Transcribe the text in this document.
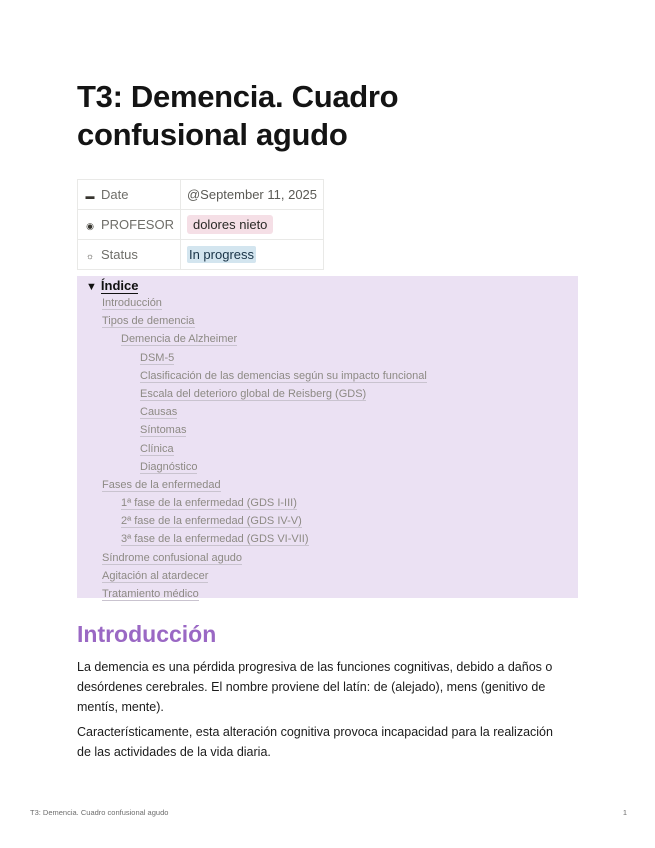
T3: Demencia. Cuadro confusional agudo
▬ Date	@September 11, 2025
◉ PROFESOR	dolores nieto
☼ Status	In progress
▼ Índice
Introducción
Tipos de demencia
Demencia de Alzheimer
DSM-5
Clasificación de las demencias según su impacto funcional
Escala del deterioro global de Reisberg (GDS)
Causas
Síntomas
Clínica
Diagnóstico
Fases de la enfermedad
1ª fase de la enfermedad (GDS I-III)
2ª fase de la enfermedad (GDS IV-V)
3ª fase de la enfermedad (GDS VI-VII)
Síndrome confusional agudo
Agitación al atardecer
Tratamiento médico
Introducción

La demencia es una pérdida progresiva de las funciones cognitivas, debido a daños o desórdenes cerebrales. El nombre proviene del latín: de (alejado), mens (genitivo de mentís, mente).

Característicamente, esta alteración cognitiva provoca incapacidad para la realización de las actividades de la vida diaria.

T3: Demencia. Cuadro confusional agudo	1
